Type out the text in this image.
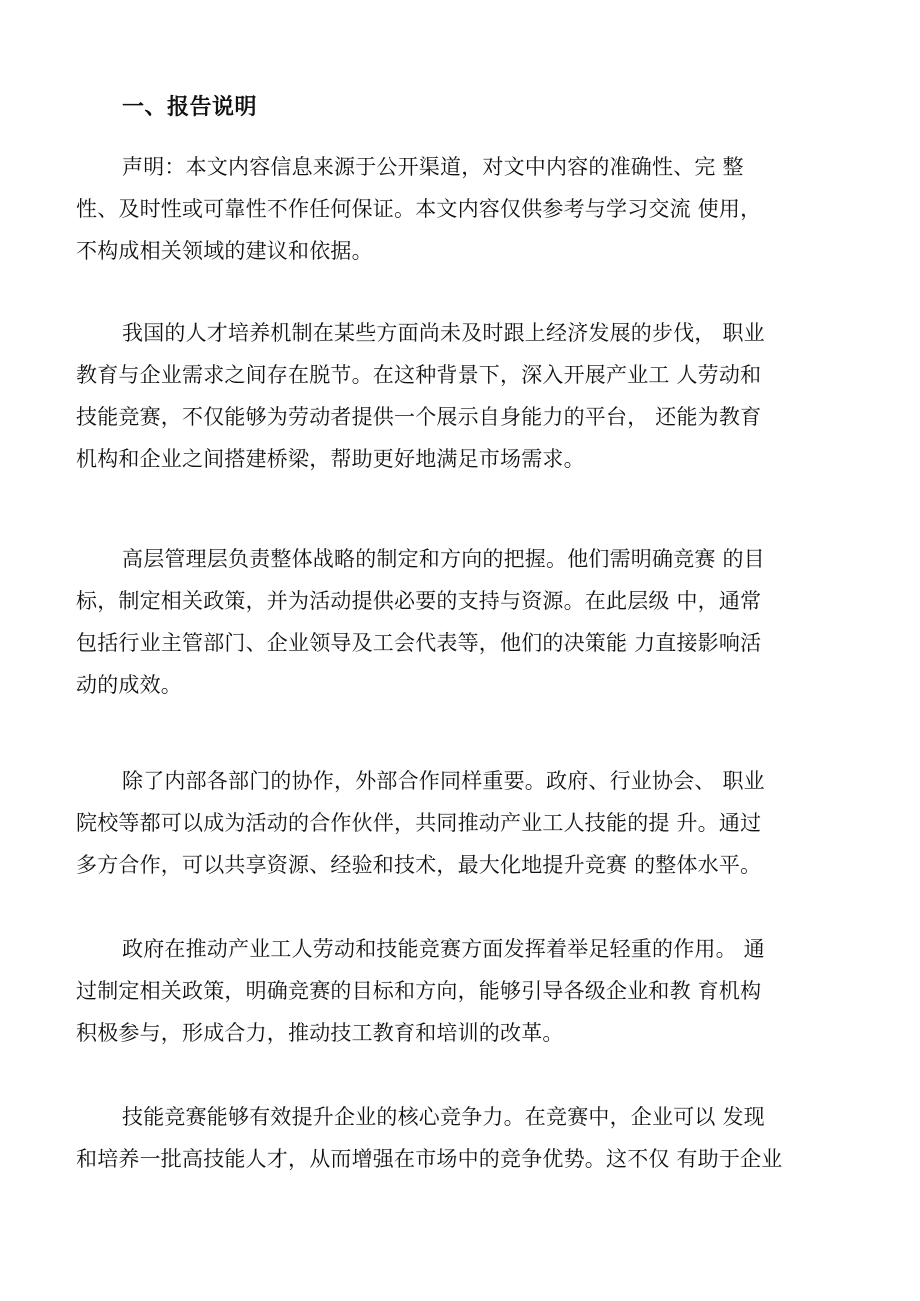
一、报告说明
声明：本文内容信息来源于公开渠道，对文中内容的准确性、完 整
性、及时性或可靠性不作任何保证。本文内容仅供参考与学习交流 使用，
不构成相关领域的建议和依据。
我国的人才培养机制在某些方面尚未及时跟上经济发展的步伐， 职业
教育与企业需求之间存在脱节。在这种背景下，深入开展产业工 人劳动和
技能竞赛，不仅能够为劳动者提供一个展示自身能力的平台， 还能为教育
机构和企业之间搭建桥梁，帮助更好地满足市场需求。
高层管理层负责整体战略的制定和方向的把握。他们需明确竞赛 的目
标，制定相关政策，并为活动提供必要的支持与资源。在此层级 中，通常
包括行业主管部门、企业领导及工会代表等，他们的决策能 力直接影响活
动的成效。
除了内部各部门的协作，外部合作同样重要。政府、行业协会、 职业
院校等都可以成为活动的合作伙伴，共同推动产业工人技能的提 升。通过
多方合作，可以共享资源、经验和技术，最大化地提升竞赛 的整体水平。
政府在推动产业工人劳动和技能竞赛方面发挥着举足轻重的作用。 通
过制定相关政策，明确竞赛的目标和方向，能够引导各级企业和教 育机构
积极参与，形成合力，推动技工教育和培训的改革。
技能竞赛能够有效提升企业的核心竞争力。在竞赛中，企业可以 发现
和培养一批高技能人才，从而增强在市场中的竞争优势。这不仅 有助于企业
